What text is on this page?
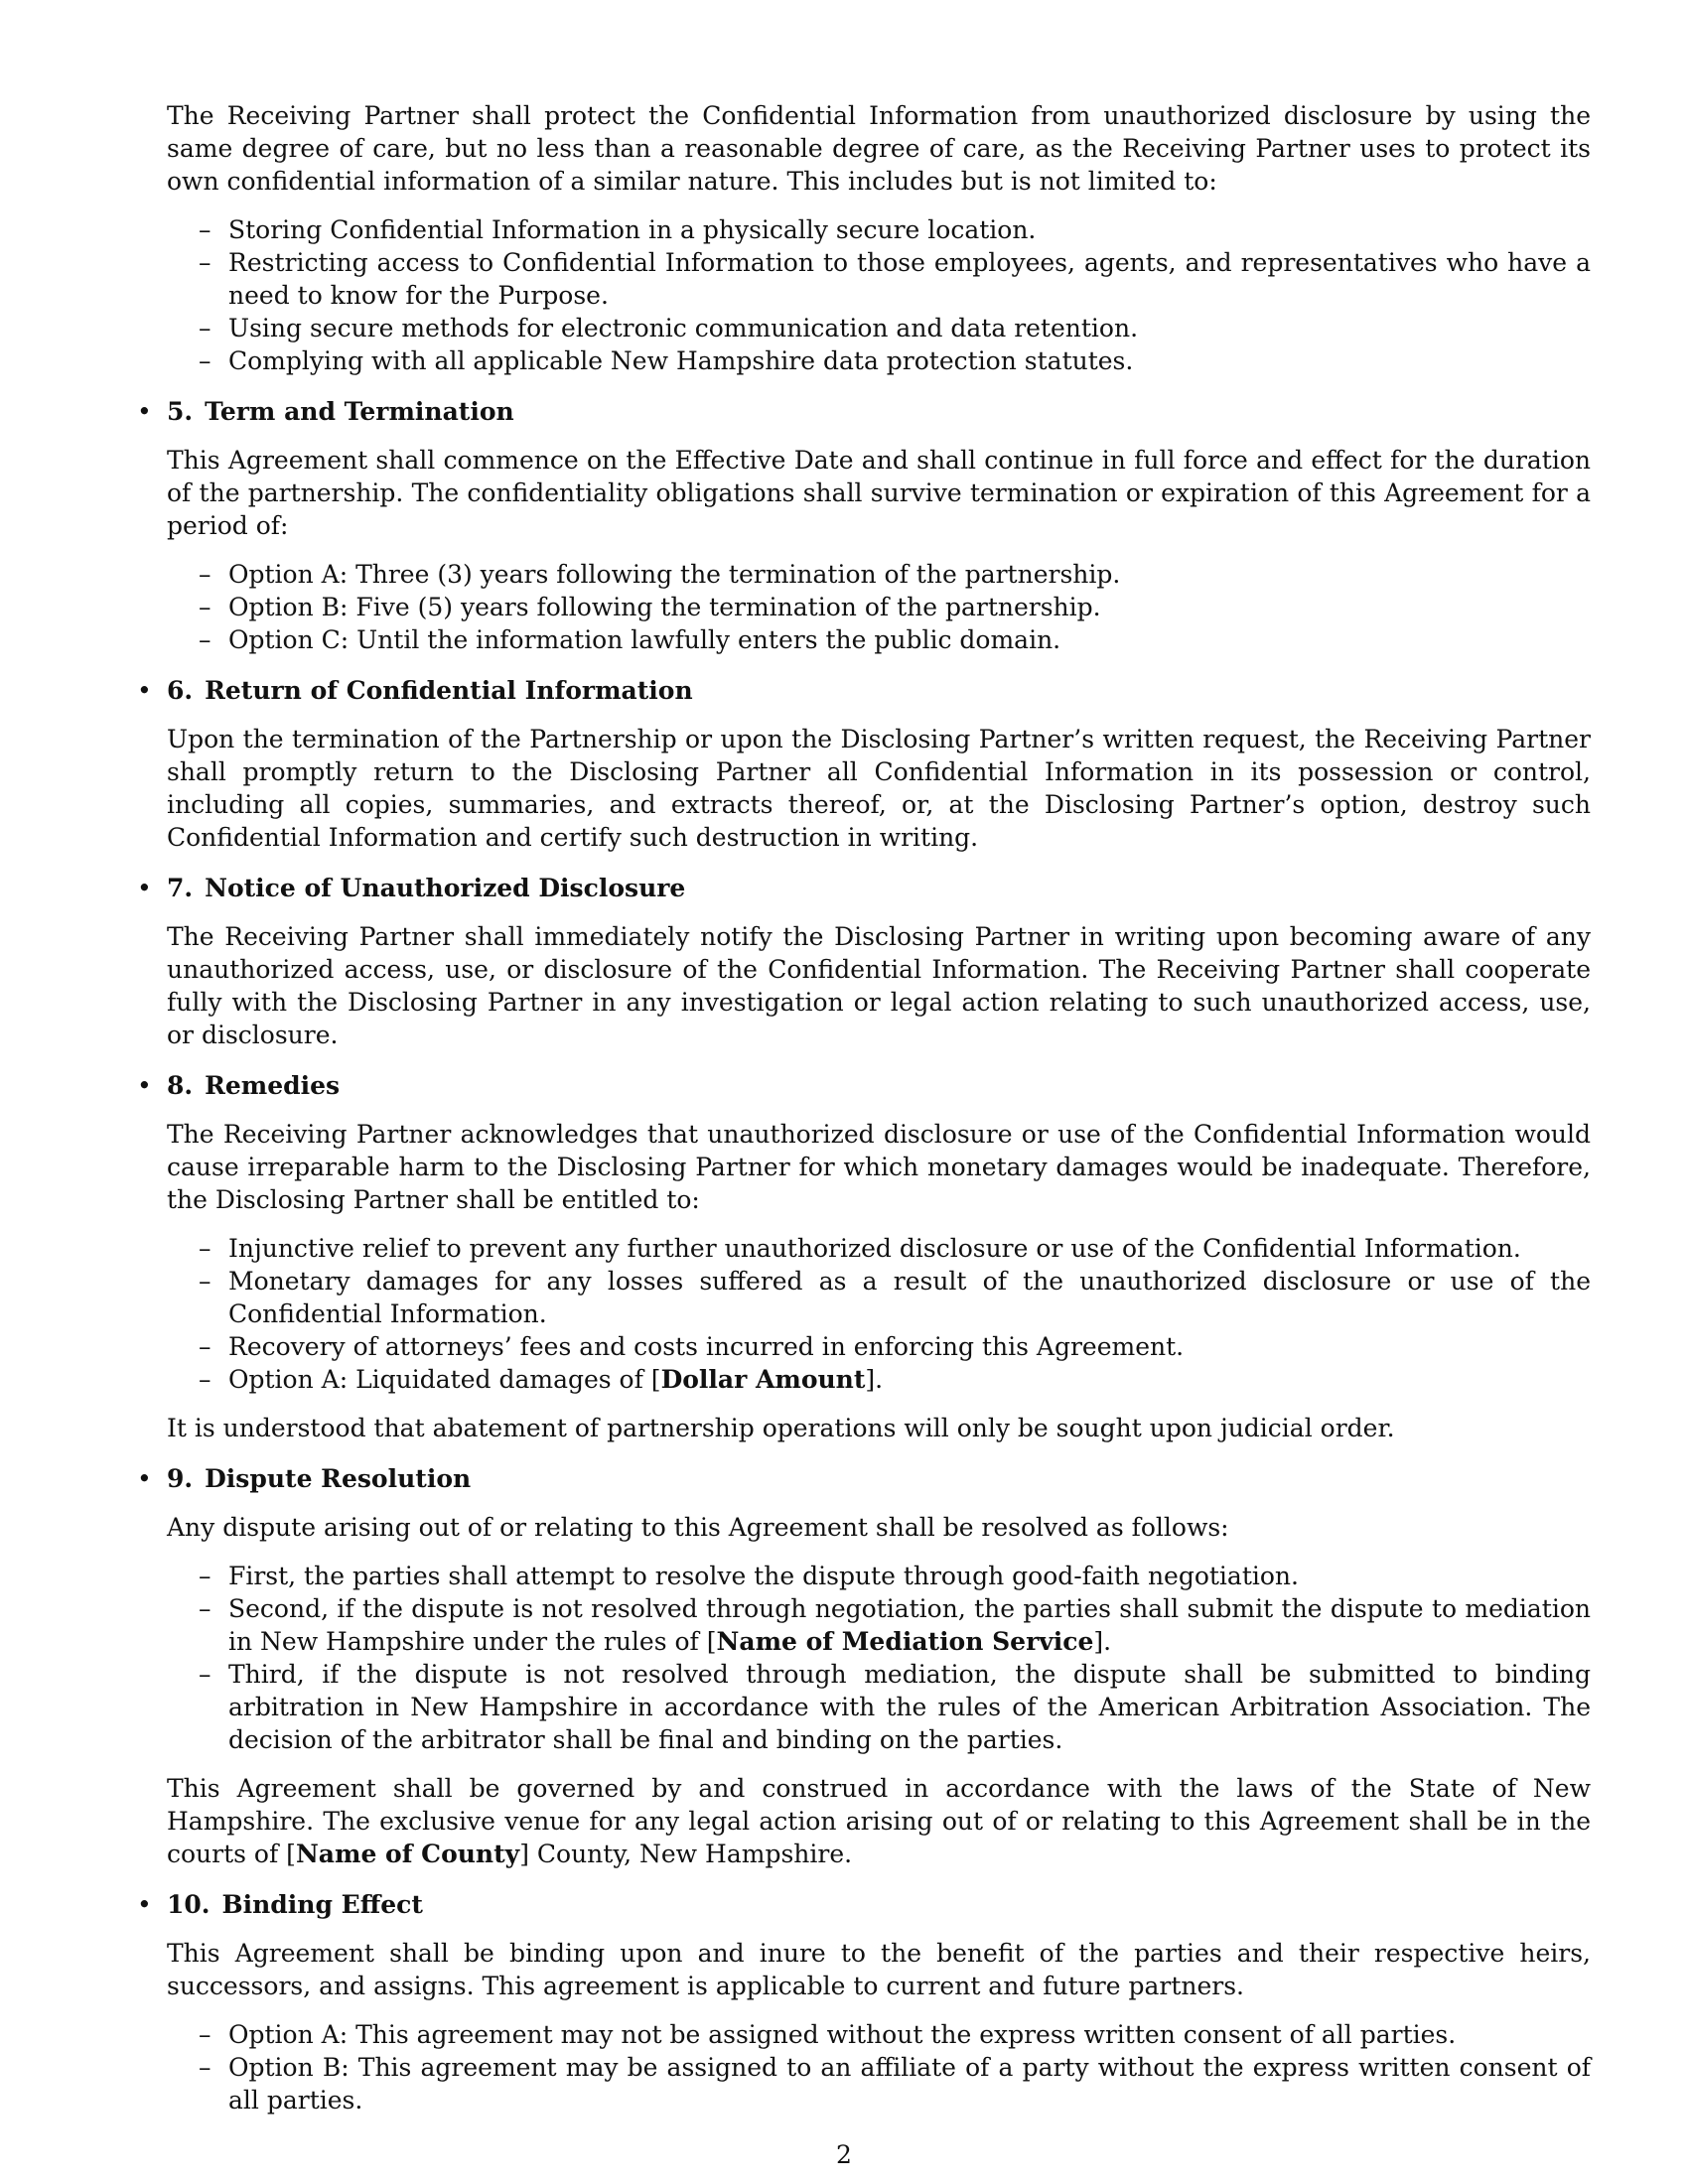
The Receiving Partner shall protect the Confidential Information from unauthorized disclosure by using the same degree of care, but no less than a reasonable degree of care, as the Receiving Partner uses to protect its own confidential information of a similar nature. This includes but is not limited to:

– Storing Confidential Information in a physically secure location.
– Restricting access to Confidential Information to those employees, agents, and representatives who have a need to know for the Purpose.
– Using secure methods for electronic communication and data retention.
– Complying with all applicable New Hampshire data protection statutes.
• 5. Term and Termination

This Agreement shall commence on the Effective Date and shall continue in full force and effect for the duration of the partnership. The confidentiality obligations shall survive termination or expiration of this Agreement for a period of:

– Option A: Three (3) years following the termination of the partnership.
– Option B: Five (5) years following the termination of the partnership.
– Option C: Until the information lawfully enters the public domain.
• 6. Return of Confidential Information

Upon the termination of the Partnership or upon the Disclosing Partner’s written request, the Receiving Partner shall promptly return to the Disclosing Partner all Confidential Information in its possession or control, including all copies, summaries, and extracts thereof, or, at the Disclosing Partner’s option, destroy such Confidential Information and certify such destruction in writing.

• 7. Notice of Unauthorized Disclosure

The Receiving Partner shall immediately notify the Disclosing Partner in writing upon becoming aware of any unauthorized access, use, or disclosure of the Confidential Information. The Receiving Partner shall cooperate fully with the Disclosing Partner in any investigation or legal action relating to such unauthorized access, use, or disclosure.

• 8. Remedies

The Receiving Partner acknowledges that unauthorized disclosure or use of the Confidential Information would cause irreparable harm to the Disclosing Partner for which monetary damages would be inadequate. Therefore, the Disclosing Partner shall be entitled to:

– Injunctive relief to prevent any further unauthorized disclosure or use of the Confidential Information.
– Monetary damages for any losses suffered as a result of the unauthorized disclosure or use of the Confidential Information.
– Recovery of attorneys’ fees and costs incurred in enforcing this Agreement.
– Option A: Liquidated damages of [Dollar Amount].

It is understood that abatement of partnership operations will only be sought upon judicial order.

• 9. Dispute Resolution

Any dispute arising out of or relating to this Agreement shall be resolved as follows:

– First, the parties shall attempt to resolve the dispute through good-faith negotiation.
– Second, if the dispute is not resolved through negotiation, the parties shall submit the dispute to mediation in New Hampshire under the rules of [Name of Mediation Service].
– Third, if the dispute is not resolved through mediation, the dispute shall be submitted to binding arbitration in New Hampshire in accordance with the rules of the American Arbitration Association. The decision of the arbitrator shall be final and binding on the parties.

This Agreement shall be governed by and construed in accordance with the laws of the State of New Hampshire. The exclusive venue for any legal action arising out of or relating to this Agreement shall be in the courts of [Name of County] County, New Hampshire.

• 10. Binding Effect

This Agreement shall be binding upon and inure to the benefit of the parties and their respective heirs, successors, and assigns. This agreement is applicable to current and future partners.

– Option A: This agreement may not be assigned without the express written consent of all parties.
– Option B: This agreement may be assigned to an affiliate of a party without the express written consent of all parties.
2
